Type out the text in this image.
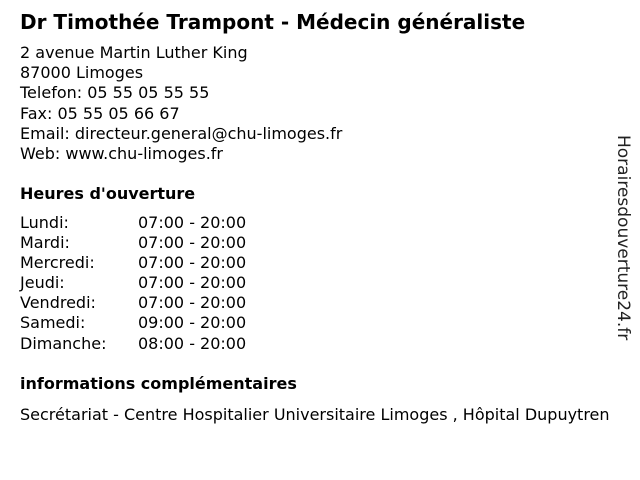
Dr Timothée Trampont - Médecin généraliste
2 avenue Martin Luther King
87000 Limoges
Telefon: 05 55 05 55 55
Fax: 05 55 05 66 67
Email: directeur.general@chu-limoges.fr
Web: www.chu-limoges.fr
Heures d'ouverture
Lundi:	07:00 - 20:00
Mardi:	07:00 - 20:00
Mercredi:	07:00 - 20:00
Jeudi:	07:00 - 20:00
Vendredi:	07:00 - 20:00
Samedi:	09:00 - 20:00
Dimanche:	08:00 - 20:00
informations complémentaires
Secrétariat - Centre Hospitalier Universitaire Limoges , Hôpital Dupuytren
Horairesdouverture24.fr
